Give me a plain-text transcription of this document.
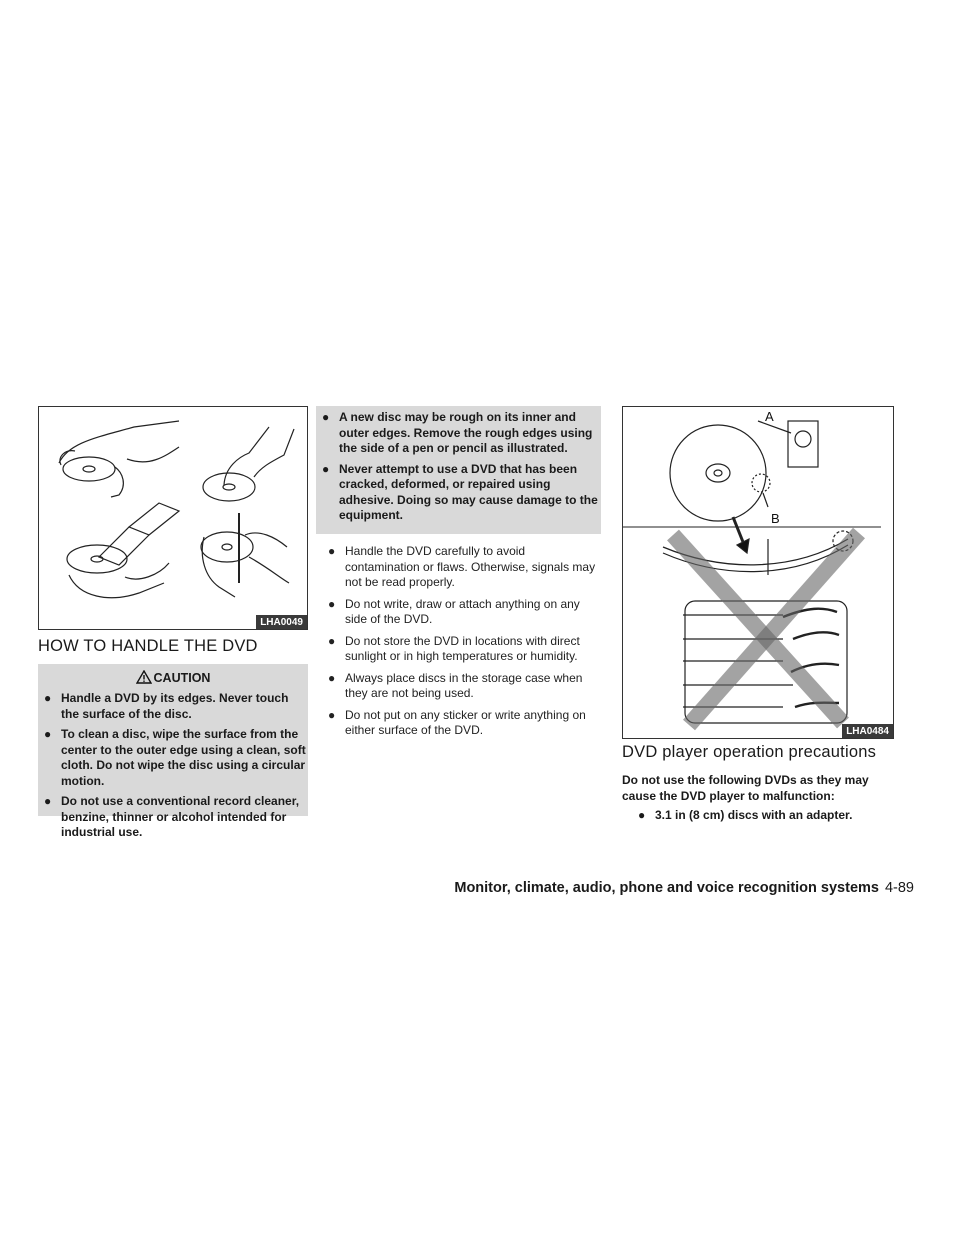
LHA0049
HOW TO HANDLE THE DVD
CAUTION
● Handle a DVD by its edges. Never touch the surface of the disc.
● To clean a disc, wipe the surface from the center to the outer edge using a clean, soft cloth. Do not wipe the disc using a circular motion.
● Do not use a conventional record cleaner, benzine, thinner or alcohol intended for industrial use.
● A new disc may be rough on its inner and outer edges. Remove the rough edges using the side of a pen or pencil as illustrated.
● Never attempt to use a DVD that has been cracked, deformed, or repaired using adhesive. Doing so may cause damage to the equipment.
● Handle the DVD carefully to avoid contamination or flaws. Otherwise, signals may not be read properly.
● Do not write, draw or attach anything on any side of the DVD.
● Do not store the DVD in locations with direct sunlight or in high temperatures or humidity.
● Always place discs in the storage case when they are not being used.
● Do not put on any sticker or write anything on either surface of the DVD.
A
B
LHA0484
DVD player operation precautions
Do not use the following DVDs as they may cause the DVD player to malfunction:
● 3.1 in (8 cm) discs with an adapter.
Monitor, climate, audio, phone and voice recognition systems 4-89
